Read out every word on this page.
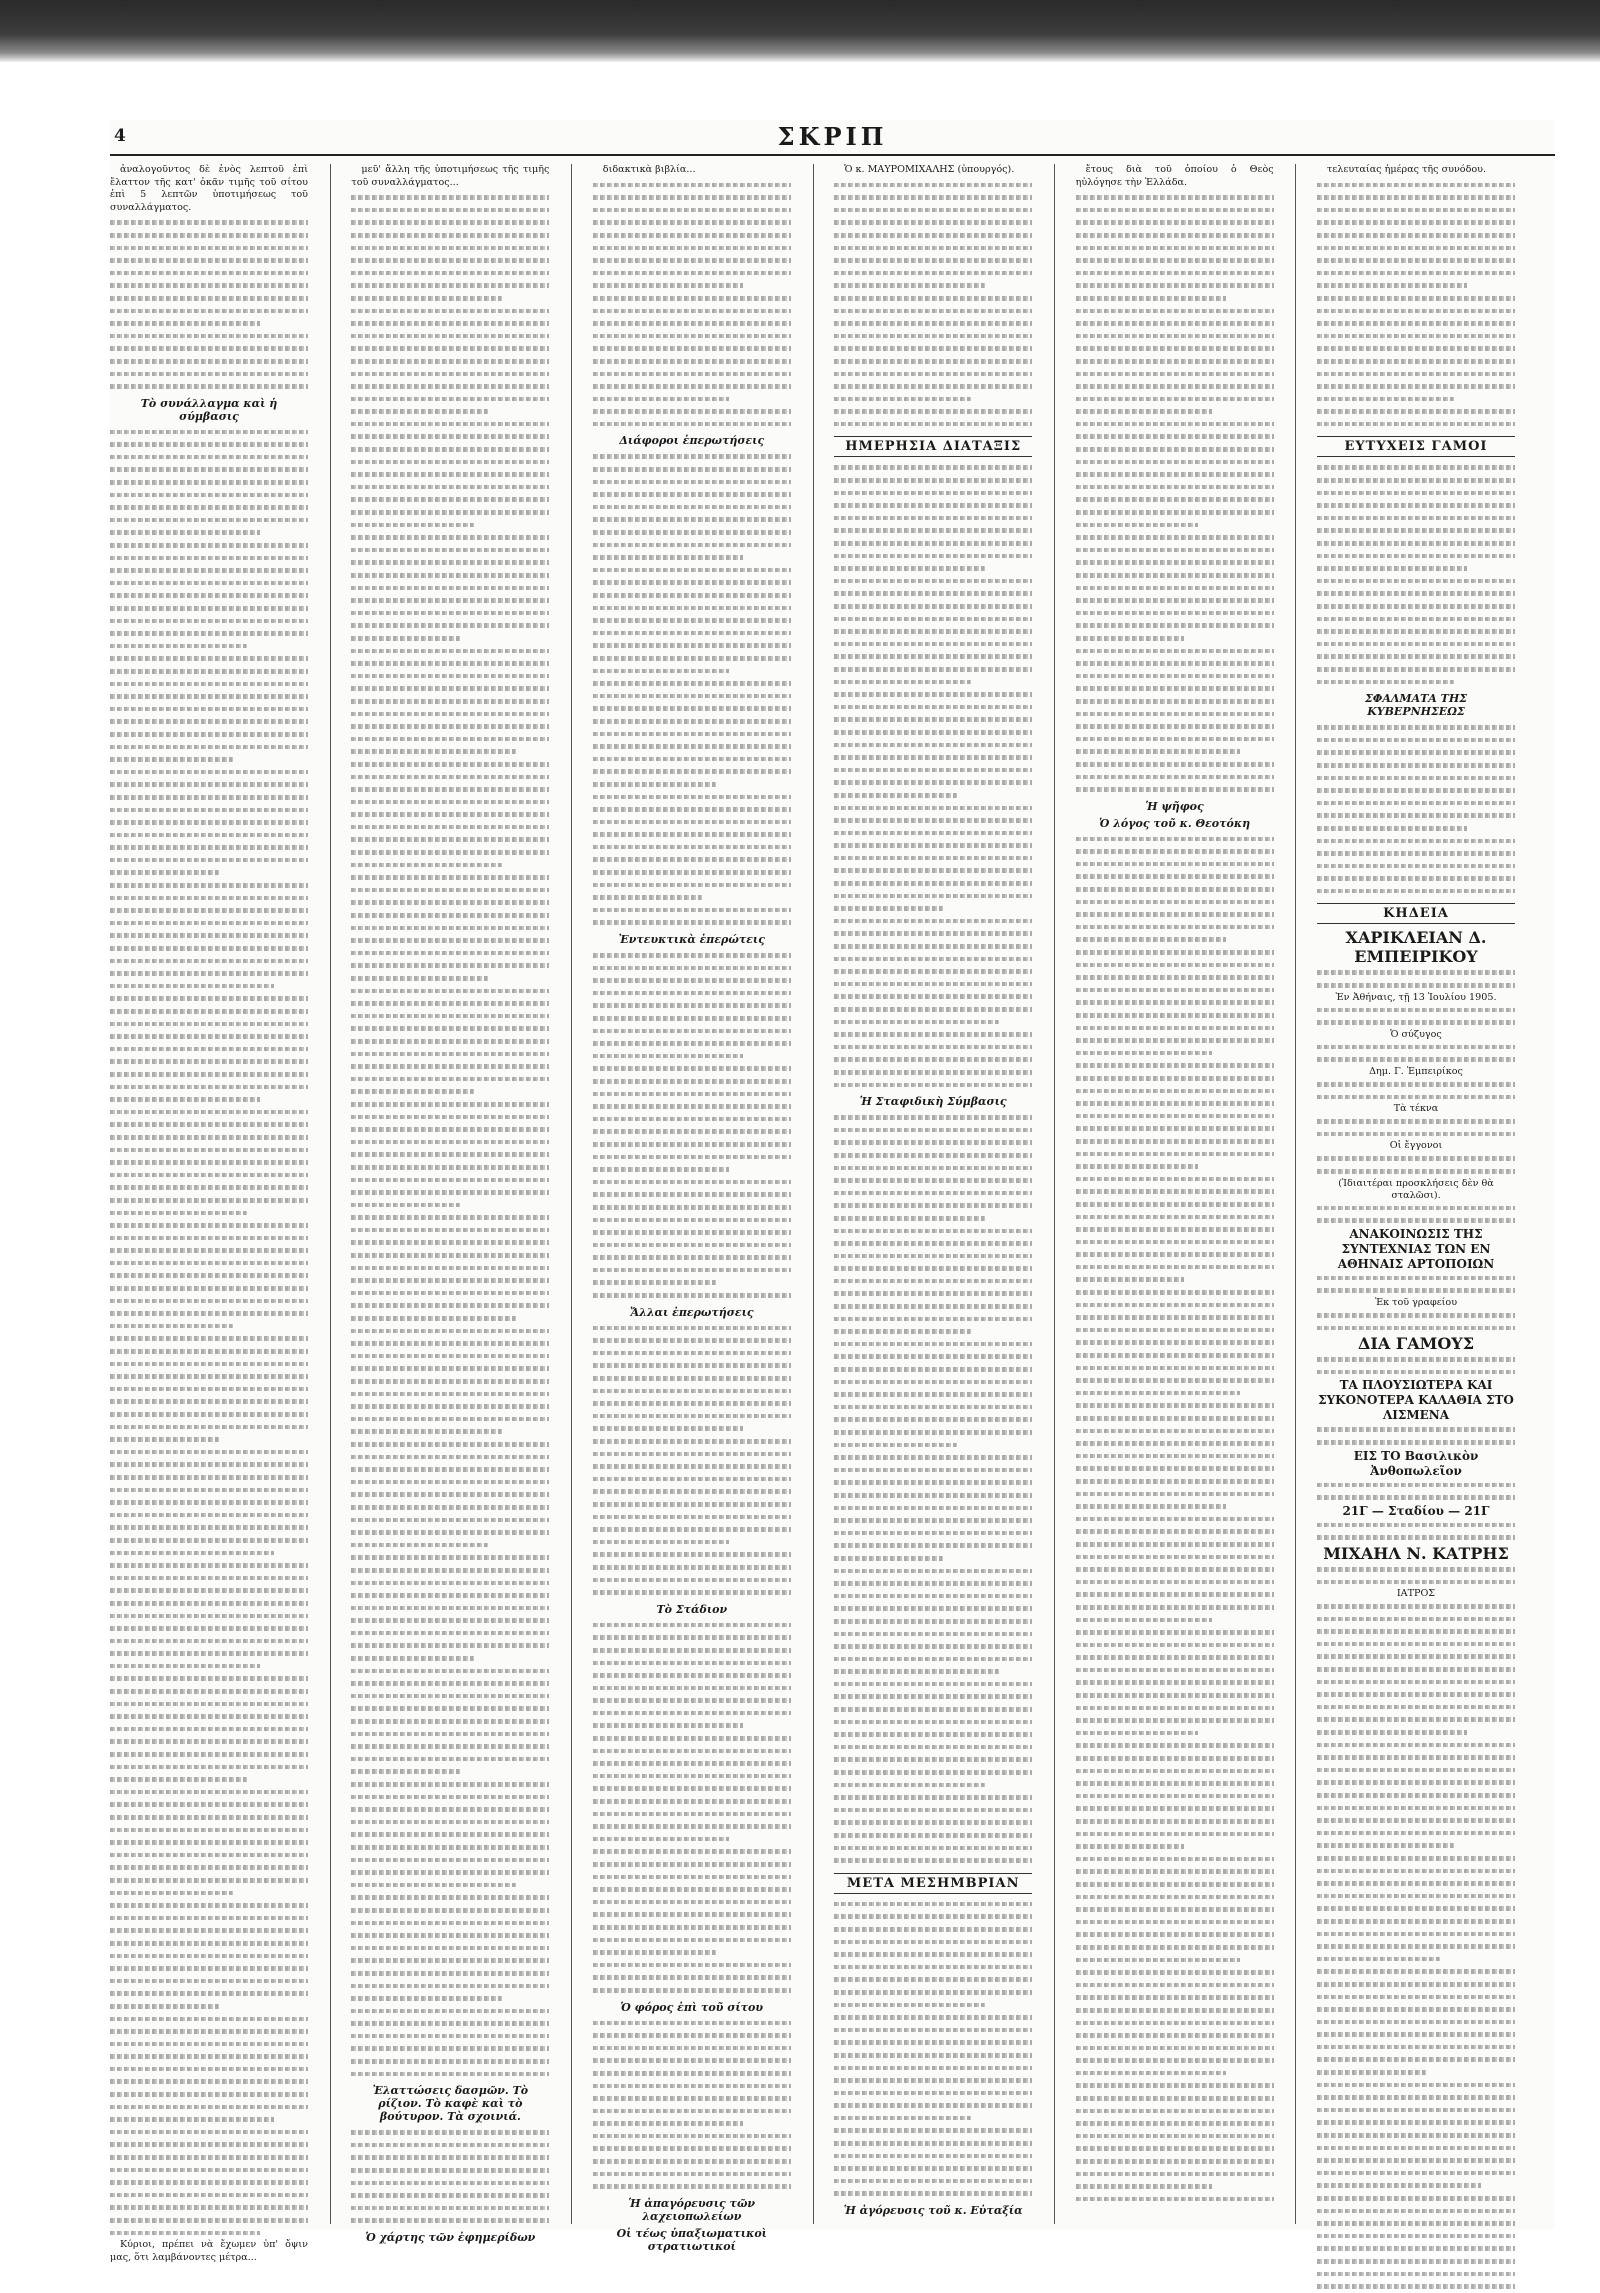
4	ΣΚΡΙΠ

ἀναλογοῦντος δὲ ἑνὸς λεπτοῦ ἐπὶ ἔλαττον τῆς κατ' ὀκᾶν τιμῆς τοῦ σίτου ἐπὶ 5 λεπτῶν ὑποτιμήσεως τοῦ συναλλάγματος.

Τὸ συνάλλαγμα καὶ ἡ σύμβασις

Κύριοι, πρέπει νὰ ἔχωμεν ὑπ' ὄψιν μας, ὅτι λαμβάνοντες μέτρα...

μεῦ' ἄλλη τῆς ὑποτιμήσεως τῆς τιμῆς τοῦ συναλλάγματος...

Ἐλαττώσεις δασμῶν. Τὸ ρίζιον. Τὸ καφὲ καὶ τὸ βούτυρον. Τὰ σχοινιά.
Ὁ χάρτης τῶν ἐφημερίδων

διδακτικὰ βιβλία...

Διάφοροι ἐπερωτήσεις
Ἐντευκτικὰ ἐπερώτεις
Ἄλλαι ἐπερωτήσεις
Τὸ Στάδιον
Ὁ φόρος ἐπὶ τοῦ σίτου
Ἡ ἀπαγόρευσις τῶν λαχειοπωλείων
Οἱ τέως ὑπαξιωματικοὶ στρατιωτικοί

Ὁ κ. ΜΑΥΡΟΜΙΧΑΛΗΣ (ὑπουργός).

ΗΜΕΡΗΣΙΑ ΔΙΑΤΑΞΙΣ
Ἡ Σταφιδικὴ Σύμβασις
ΜΕΤΑ ΜΕΣΗΜΒΡΙΑΝ
Ἡ ἀγόρευσις τοῦ κ. Εὐταξία

ἔτους διὰ τοῦ ὁποίου ὁ Θεὸς ηὐλόγησε τὴν Ἑλλάδα.

Ἡ ψῆφος
Ὁ λόγος τοῦ κ. Θεοτόκη

τελευταίας ἡμέρας τῆς συνόδου.

ΕΥΤΥΧΕΙΣ ΓΑΜΟΙ
ΣΦΑΛΜΑΤΑ ΤΗΣ ΚΥΒΕΡΝΗΣΕΩΣ
ΚΗΔΕΙΑ
ΧΑΡΙΚΛΕΙΑΝ Δ. ΕΜΠΕΙΡΙΚΟΥ
Ἐν Ἀθήναις, τῇ 13 Ἰουλίου 1905.
Ὁ σύζυγος
Δημ. Γ. Ἐμπειρίκος
Τὰ τέκνα
Οἱ ἔγγονοι
(Ἰδιαιτέραι προσκλήσεις δὲν θὰ σταλῶσι).
ΑΝΑΚΟΙΝΩΣΙΣ ΤΗΣ ΣΥΝΤΕΧΝΙΑΣ ΤΩΝ ΕΝ ΑΘΗΝΑΙΣ ΑΡΤΟΠΟΙΩΝ
Ἐκ τοῦ γραφείου
ΔΙΑ ΓΑΜΟΥΣ
ΤΑ ΠΛΟΥΣΙΩΤΕΡΑ ΚΑΙ ΣΥΚΟΝΟΤΕΡΑ ΚΑΛΑΘΙΑ ΣΤΟ ΛΙΣΜΕΝΑ
ΕΙΣ ΤΟ Βασιλικὸν Ἀνθοπωλεῖον
21Γ — Σταδίου — 21Γ
ΜΙΧΑΗΛ Ν. ΚΑΤΡΗΣ
ΙΑΤΡΟΣ
